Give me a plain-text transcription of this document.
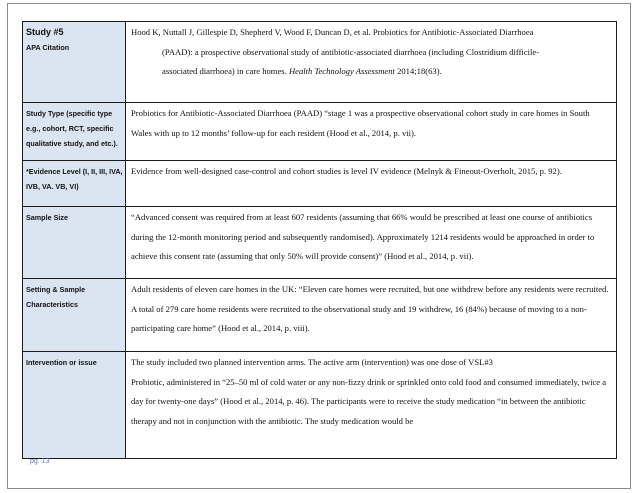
Study #5
APA Citation	Hood K, Nuttall J, Gillespie D, Shepherd V, Wood F, Duncan D, et al. Probiotics for Antibiotic-Associated Diarrhoea
(PAAD): a prospective observational study of antibiotic-associated diarrhoea (including Clostridium difficile-
associated diarrhoea) in care homes. Health Technology Assessment 2014;18(63).

Study Type (specific type e.g., cohort, RCT, specific qualitative study, and etc.).	Probiotics for Antibiotic-Associated Diarrhoea (PAAD) “stage 1 was a prospective observational cohort study in care homes in South Wales with up to 12 months’ follow-up for each resident (Hood et al., 2014, p. vii).
*Evidence Level (I, II, III, IVA, IVB, VA. VB, VI)	Evidence from well-designed case-control and cohort studies is level IV evidence (Melnyk & Fineout-Overholt, 2015, p. 92).
Sample Size	“Advanced consent was required from at least 607 residents (assuming that 66% would be prescribed at least one course of antibiotics during the 12-month monitoring period and subsequently randomised). Approximately 1214 residents would be approached in order to achieve this consent rate (assuming that only 50% will provide consent)” (Hood et al., 2014, p. vii).
Setting & Sample Characteristics	Adult residents of eleven care homes in the UK: “Eleven care homes were recruited, but one withdrew before any residents were recruited. A total of 279 care home residents were recruited to the observational study and 19 withdrew, 16 (84%) because of moving to a non-participating care home” (Hood et al., 2014, p. viii).
Intervention or issue	The study included two planned intervention arms. The active arm (intervention) was one dose of VSL#3
Probiotic, administered in “25–50 ml of cold water or any non-fizzy drink or sprinkled onto cold food and consumed immediately, twice a day for twenty-one days” (Hood et al., 2014, p. 46). The participants were to receive the study medication “in between the antibiotic therapy and not in conjunction with the antibiotic. The study medication would be
pg. 13
